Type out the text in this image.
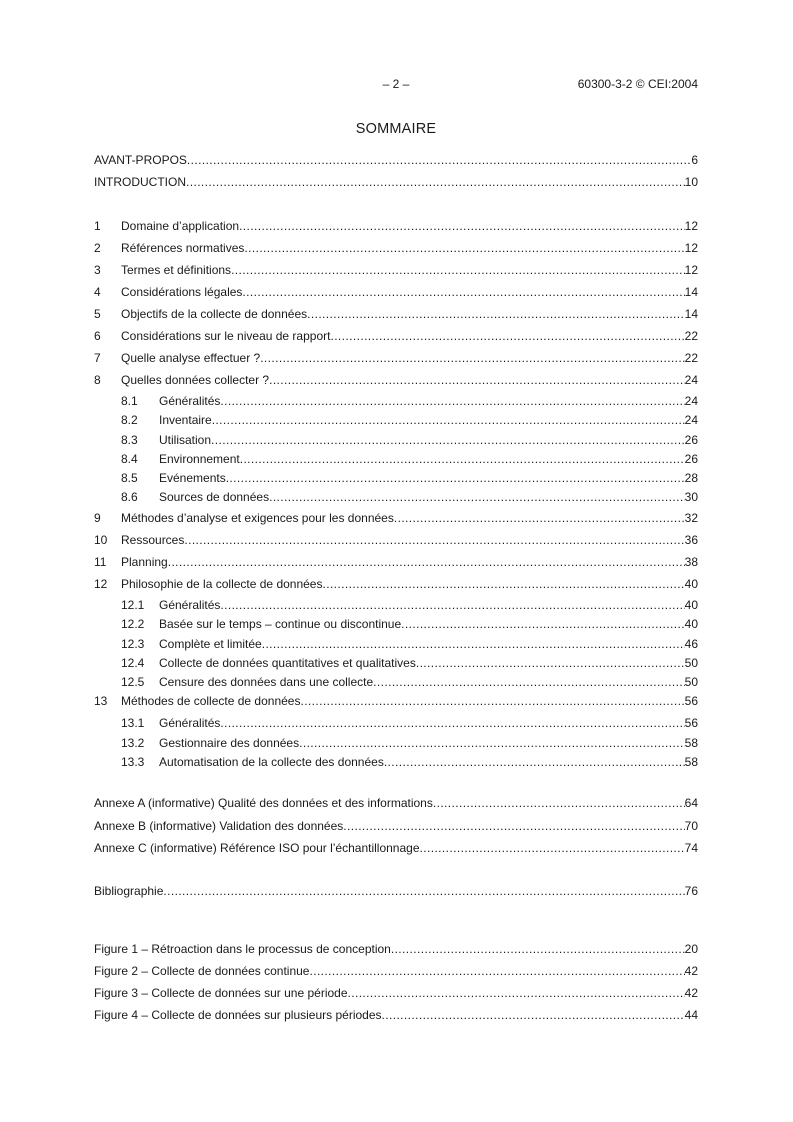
– 2 –	60300-3-2 © CEI:2004
SOMMAIRE
AVANT-PROPOS .....	6
INTRODUCTION .....	10
1	Domaine d’application .....	12
2	Références normatives .....	12
3	Termes et définitions .....	12
4	Considérations légales .....	14
5	Objectifs de la collecte de données .....	14
6	Considérations sur le niveau de rapport .....	22
7	Quelle analyse effectuer ? .....	22
8	Quelles données collecter ? .....	24
8.1	Généralités .....	24
8.2	Inventaire .....	24
8.3	Utilisation .....	26
8.4	Environnement .....	26
8.5	Evénements .....	28
8.6	Sources de données .....	30
9	Méthodes d’analyse et exigences pour les données .....	32
10	Ressources .....	36
11	Planning .....	38
12	Philosophie de la collecte de données .....	40
12.1	Généralités .....	40
12.2	Basée sur le temps – continue ou discontinue .....	40
12.3	Complète et limitée .....	46
12.4	Collecte de données quantitatives et qualitatives .....	50
12.5	Censure des données dans une collecte .....	50
13	Méthodes de collecte de données .....	56
13.1	Généralités .....	56
13.2	Gestionnaire des données .....	58
13.3	Automatisation de la collecte des données .....	58
Annexe A (informative) Qualité des données et des informations .....	64
Annexe B (informative) Validation des données .....	70
Annexe C (informative) Référence ISO pour l’échantillonnage .....	74
Bibliographie .....	76
Figure 1 – Rétroaction dans le processus de conception .....	20
Figure 2 – Collecte de données continue .....	42
Figure 3 – Collecte de données sur une période .....	42
Figure 4 – Collecte de données sur plusieurs périodes .....	44
